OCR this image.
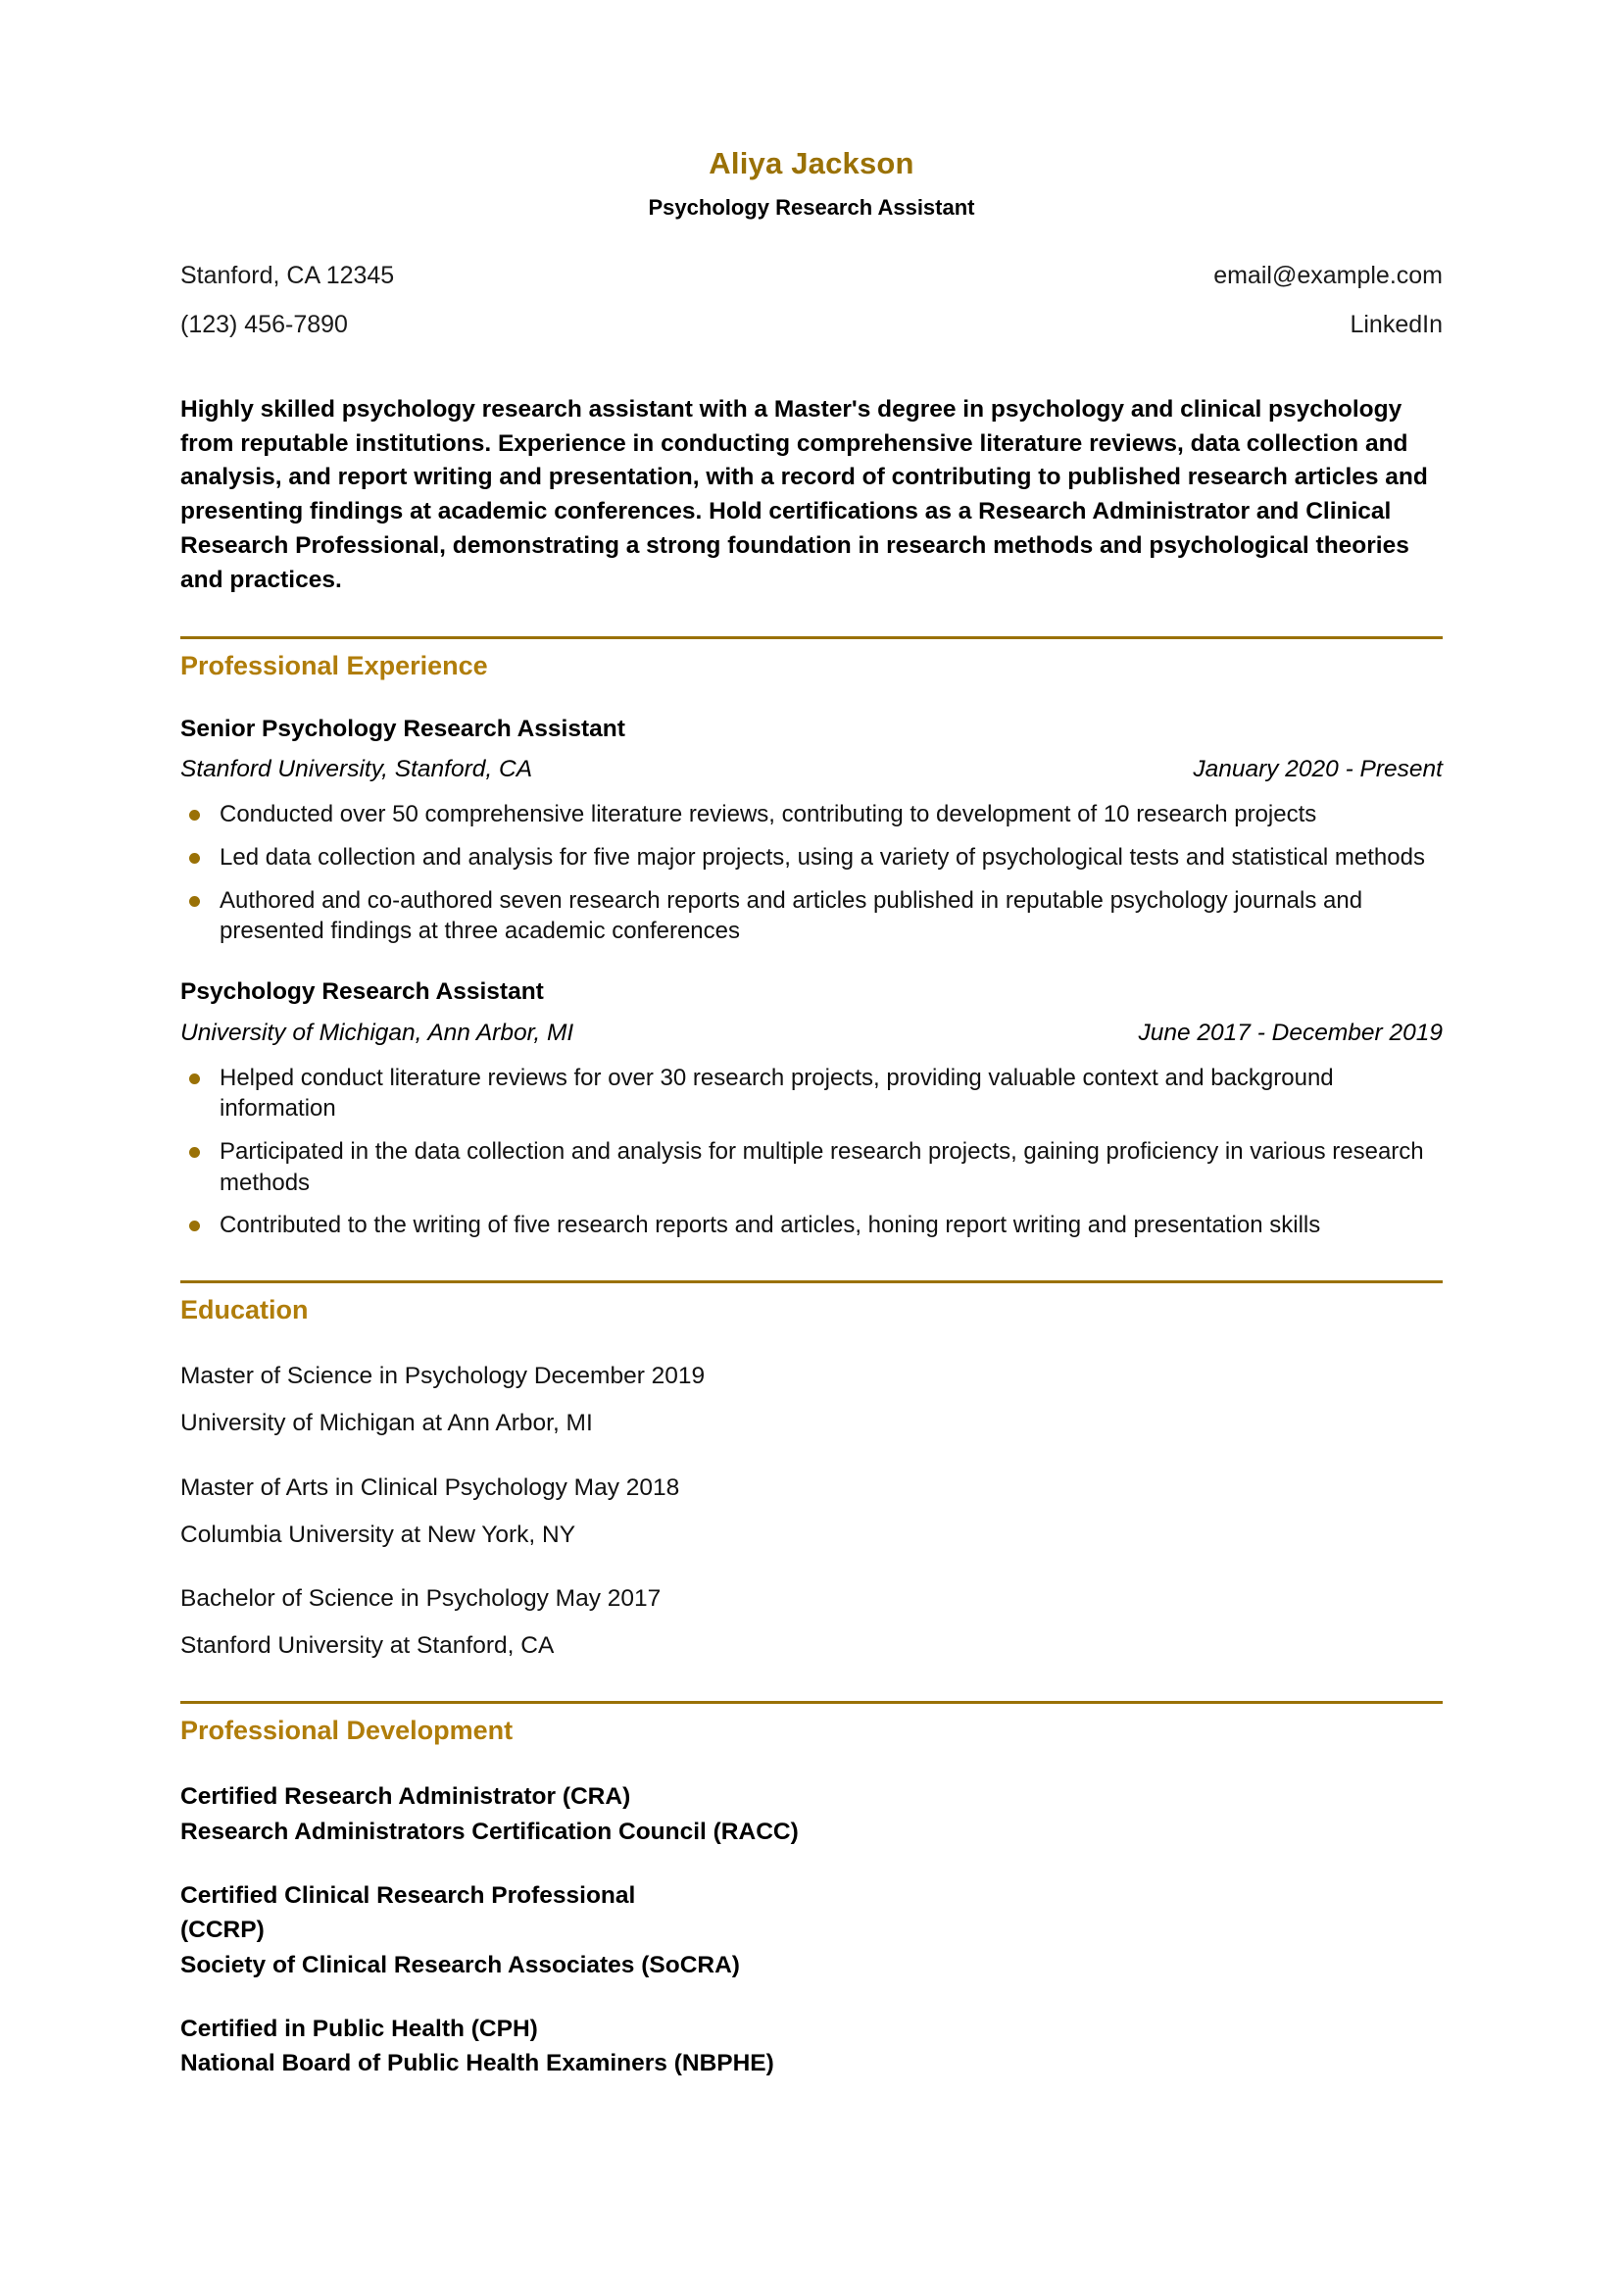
Aliya Jackson
Psychology Research Assistant
Stanford, CA 12345	email@example.com
(123) 456-7890	LinkedIn
Highly skilled psychology research assistant with a Master's degree in psychology and clinical psychology from reputable institutions. Experience in conducting comprehensive literature reviews, data collection and analysis, and report writing and presentation, with a record of contributing to published research articles and presenting findings at academic conferences. Hold certifications as a Research Administrator and Clinical Research Professional, demonstrating a strong foundation in research methods and psychological theories and practices.
Professional Experience
Senior Psychology Research Assistant
Stanford University, Stanford, CA	January 2020 - Present
Conducted over 50 comprehensive literature reviews, contributing to development of 10 research projects
Led data collection and analysis for five major projects, using a variety of psychological tests and statistical methods
Authored and co-authored seven research reports and articles published in reputable psychology journals and presented findings at three academic conferences
Psychology Research Assistant
University of Michigan, Ann Arbor, MI	June 2017 - December 2019
Helped conduct literature reviews for over 30 research projects, providing valuable context and background information
Participated in the data collection and analysis for multiple research projects, gaining proficiency in various research methods
Contributed to the writing of five research reports and articles, honing report writing and presentation skills
Education
Master of Science in Psychology December 2019
University of Michigan at Ann Arbor, MI
Master of Arts in Clinical Psychology May 2018
Columbia University at New York, NY
Bachelor of Science in Psychology May 2017
Stanford University at Stanford, CA
Professional Development
Certified Research Administrator (CRA)
Research Administrators Certification Council (RACC)
Certified Clinical Research Professional
(CCRP)
Society of Clinical Research Associates (SoCRA)
Certified in Public Health (CPH)
National Board of Public Health Examiners (NBPHE)
